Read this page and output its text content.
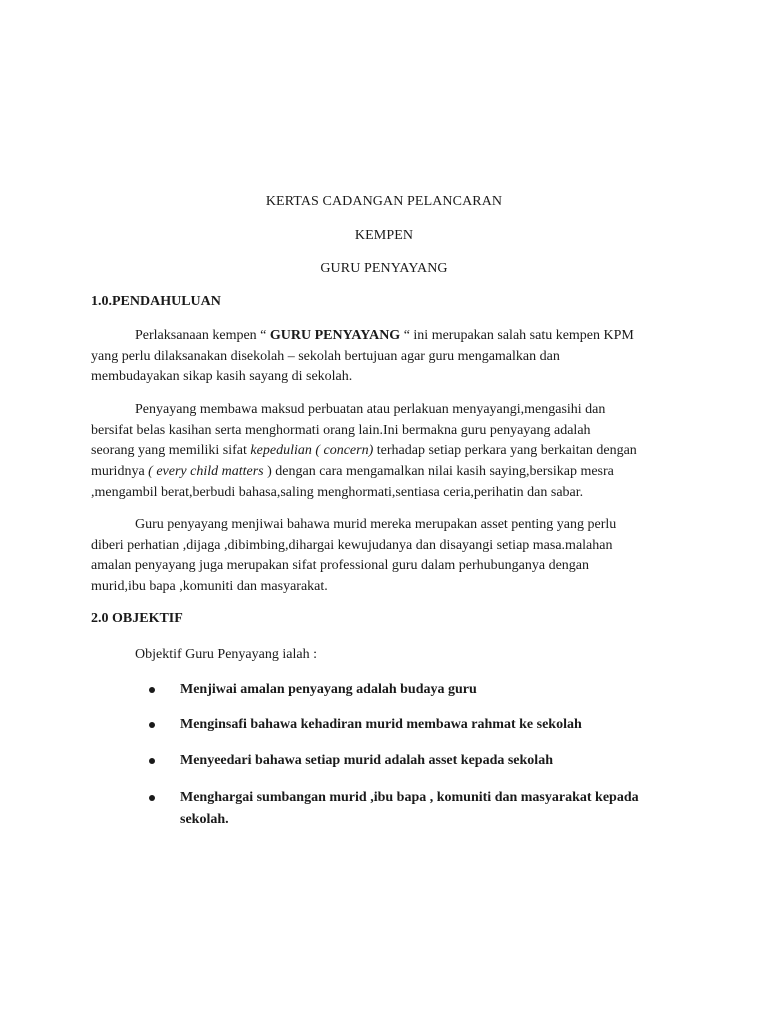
KERTAS CADANGAN PELANCARAN
KEMPEN
GURU PENYAYANG
1.0.PENDAHULUAN
Perlaksanaan kempen “ GURU PENYAYANG “ ini merupakan salah satu kempen KPM
yang perlu dilaksanakan disekolah – sekolah bertujuan agar guru mengamalkan dan
membudayakan sikap kasih sayang di sekolah.
Penyayang membawa maksud perbuatan atau perlakuan menyayangi,mengasihi dan
bersifat belas kasihan serta menghormati orang lain.Ini bermakna guru penyayang adalah
seorang yang memiliki sifat kepedulian ( concern) terhadap setiap perkara yang berkaitan dengan
muridnya ( every child matters ) dengan cara mengamalkan nilai kasih saying,bersikap mesra
,mengambil berat,berbudi bahasa,saling menghormati,sentiasa ceria,perihatin dan sabar.
Guru penyayang menjiwai bahawa murid mereka merupakan asset penting yang perlu
diberi perhatian ,dijaga ,dibimbing,dihargai kewujudanya dan disayangi setiap masa.malahan
amalan penyayang juga merupakan sifat professional guru dalam perhubunganya dengan
murid,ibu bapa ,komuniti dan masyarakat.
2.0 OBJEKTIF
Objektif Guru Penyayang ialah :
Menjiwai amalan penyayang adalah budaya guru
Menginsafi bahawa kehadiran murid membawa rahmat ke sekolah
Menyeedari bahawa setiap murid adalah asset kepada sekolah
Menghargai sumbangan murid ,ibu bapa , komuniti dan masyarakat kepada
sekolah.
